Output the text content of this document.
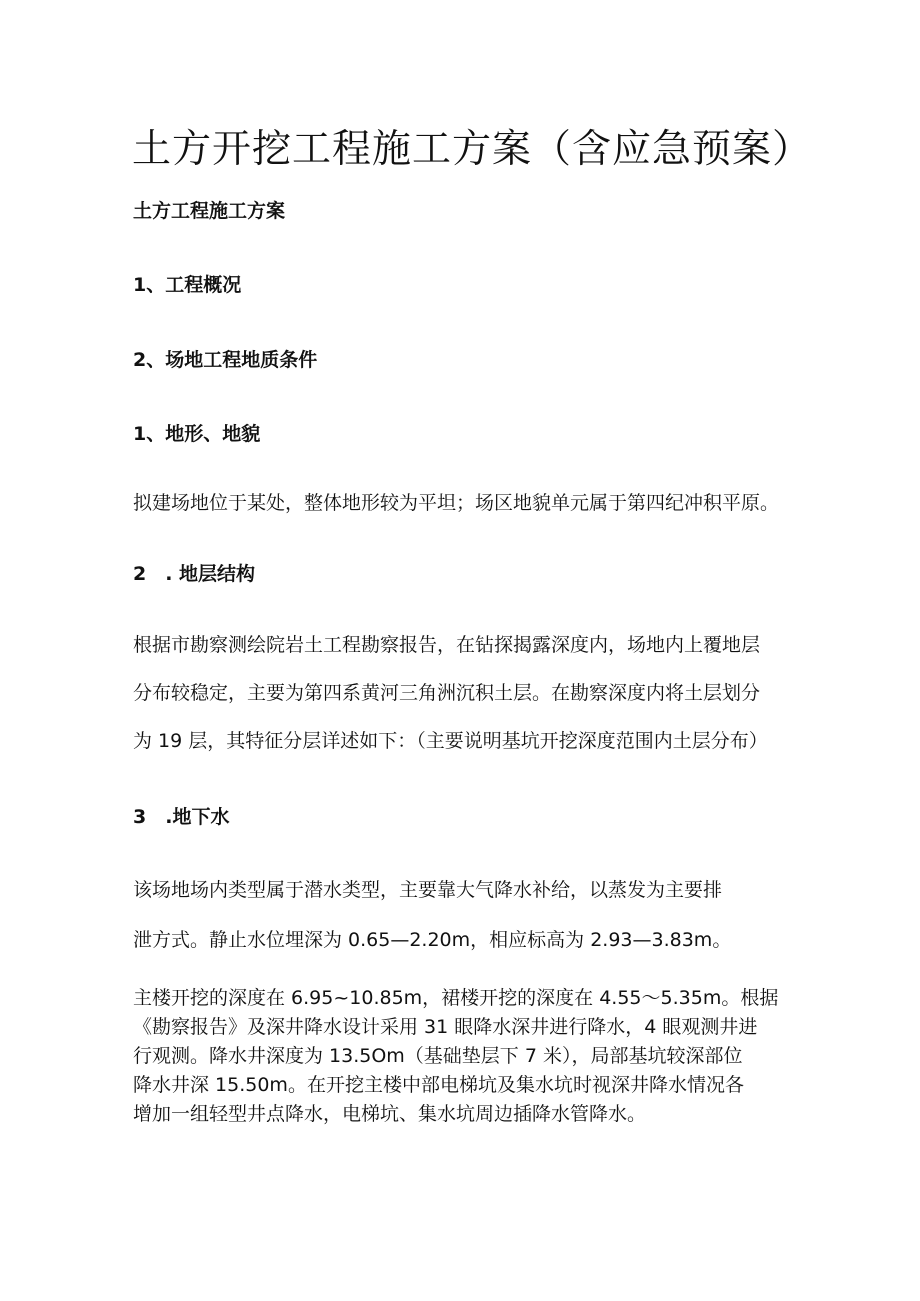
土方开挖工程施工方案（含应急预案）
土方工程施工方案
1、工程概况
2、场地工程地质条件
1、地形、地貌
拟建场地位于某处，整体地形较为平坦；场区地貌单元属于第四纪冲积平原。
2　. 地层结构
根据市勘察测绘院岩土工程勘察报告，在钻探揭露深度内，场地内上覆地层
分布较稳定，主要为第四系黄河三角洲沉积土层。在勘察深度内将土层划分
为 19 层，其特征分层详述如下：（主要说明基坑开挖深度范围内土层分布）
3　.地下水
该场地场内类型属于潜水类型，主要靠大气降水补给，以蒸发为主要排
泄方式。静止水位埋深为 0.65—2.20m，相应标高为 2.93—3.83m。
主楼开挖的深度在 6.95~10.85m，裙楼开挖的深度在 4.55～5.35m。根据
《勘察报告》及深井降水设计采用 31 眼降水深井进行降水，4 眼观测井进
行观测。降水井深度为 13.5Om（基础垫层下 7 米），局部基坑较深部位
降水井深 15.50m。在开挖主楼中部电梯坑及集水坑时视深井降水情况各
增加一组轻型井点降水，电梯坑、集水坑周边插降水管降水。
